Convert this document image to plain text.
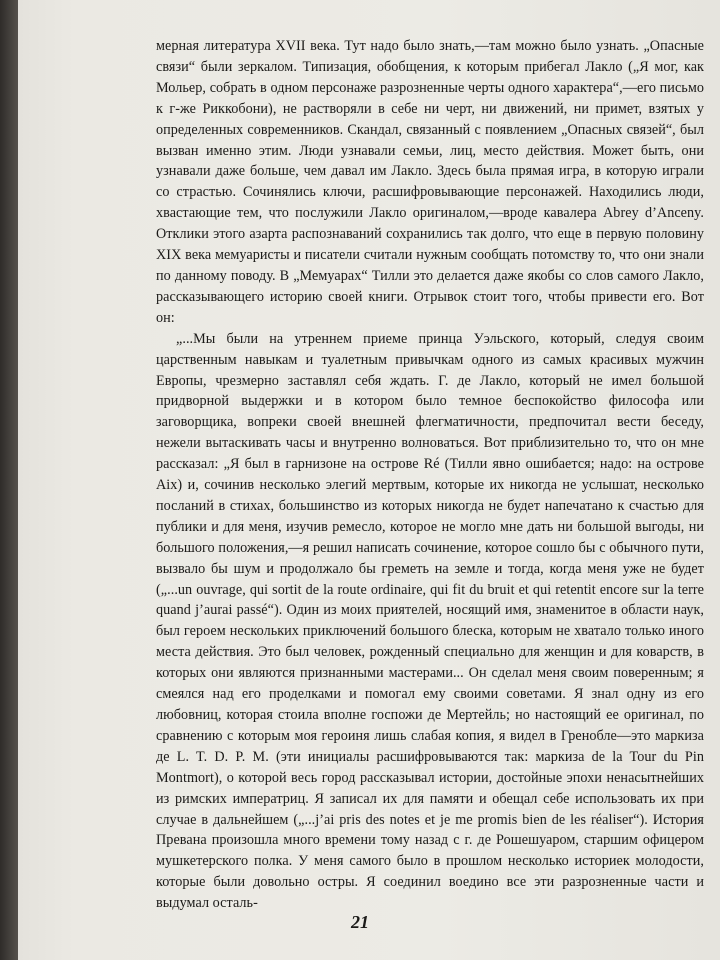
мерная литература XVII века. Тут надо было знать,—там можно было узнать. „Опасные связи“ были зеркалом. Типизация, обобщения, к которым прибегал Лакло („Я мог, как Мольер, собрать в одном персонаже разрозненные черты одного характера“,—его письмо к г-же Риккобони), не растворяли в себе ни черт, ни движений, ни примет, взятых у определенных современников. Скандал, связанный с появлением „Опасных связей“, был вызван именно этим. Люди узнавали семьи, лиц, место действия. Может быть, они узнавали даже больше, чем давал им Лакло. Здесь была прямая игра, в которую играли со страстью. Сочинялись ключи, расшифровывающие персонажей. Находились люди, хвастающие тем, что послужили Лакло оригиналом,—вроде кавалера Abrey d’Anceny. Отклики этого азарта распознаваний сохранились так долго, что еще в первую половину XIX века мемуаристы и писатели считали нужным сообщать потомству то, что они знали по данному поводу. В „Мемуарах“ Тилли это делается даже якобы со слов самого Лакло, рассказывающего историю своей книги. Отрывок стоит того, чтобы привести его. Вот он:

„...Мы были на утреннем приеме принца Уэльского, который, следуя своим царственным навыкам и туалетным привычкам одного из самых красивых мужчин Европы, чрезмерно заставлял себя ждать. Г. де Лакло, который не имел большой придворной выдержки и в котором было темное беспокойство философа или заговорщика, вопреки своей внешней флегматичности, предпочитал вести беседу, нежели вытаскивать часы и внутренно волноваться. Вот приблизительно то, что он мне рассказал: „Я был в гарнизоне на острове Ré (Тилли явно ошибается; надо: на острове Aix) и, сочинив несколько элегий мертвым, которые их никогда не услышат, несколько посланий в стихах, большинство из которых никогда не будет напечатано к счастью для публики и для меня, изучив ремесло, которое не могло мне дать ни большой выгоды, ни большого положения,—я решил написать сочинение, которое сошло бы с обычного пути, вызвало бы шум и продолжало бы греметь на земле и тогда, когда меня уже не будет („...un ouvrage, qui sortit de la route ordinaire, qui fit du bruit et qui retentit encore sur la terre quand j’aurai passé“). Один из моих приятелей, носящий имя, знаменитое в области наук, был героем нескольких приключений большого блеска, которым не хватало только иного места действия. Это был человек, рожденный специально для женщин и для коварств, в которых они являются признанными мастерами... Он сделал меня своим поверенным; я смеялся над его проделками и помогал ему своими советами. Я знал одну из его любовниц, которая стоила вполне госпожи де Мертейль; но настоящий ее оригинал, по сравнению с которым моя героиня лишь слабая копия, я видел в Гренобле—это маркиза де L. T. D. P. M. (эти инициалы расшифровываются так: маркиза de la Tour du Pin Montmort), о которой весь город рассказывал истории, достойные эпохи ненасытнейших из римских императриц. Я записал их для памяти и обещал себе использовать их при случае в дальнейшем („...j’ai pris des notes et je me promis bien de les réaliser“). История Превана произошла много времени тому назад с г. де Рошешуаром, старшим офицером мушкетерского полка. У меня самого было в прошлом несколько историек молодости, которые были довольно остры. Я соединил воедино все эти разрозненные части и выдумал осталь-

21
